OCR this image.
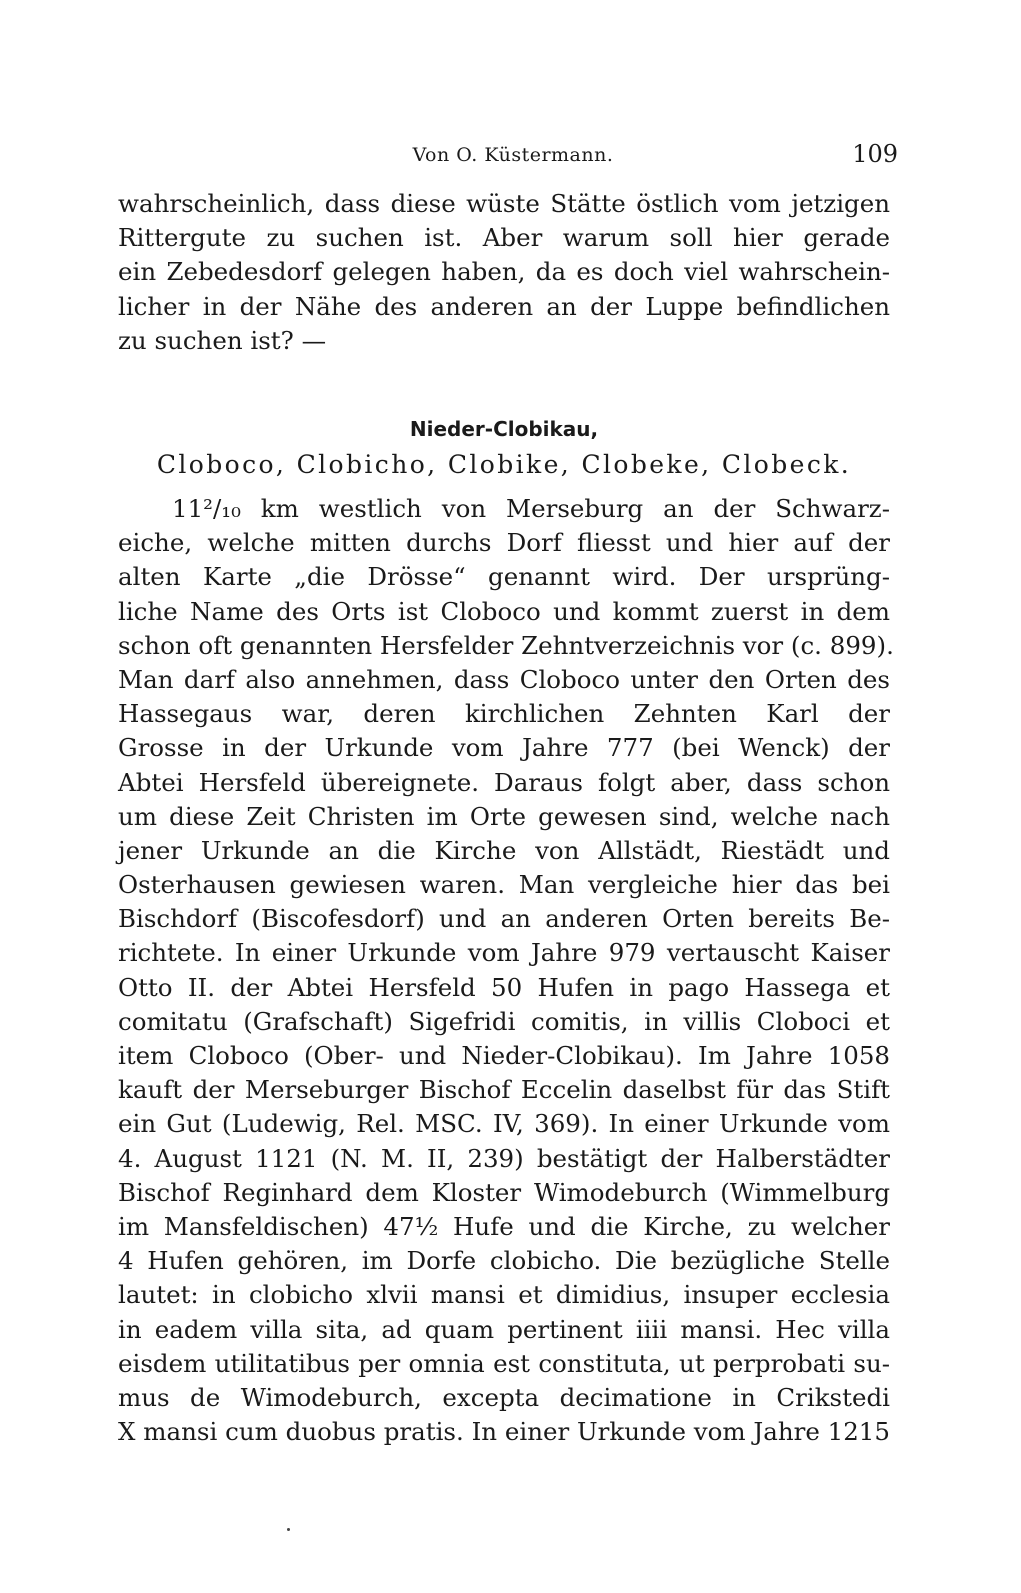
Von O. Küstermann.	109
wahrscheinlich, dass diese wüste Stätte östlich vom jetzigen
Rittergute zu suchen ist. Aber warum soll hier gerade
ein Zebedesdorf gelegen haben, da es doch viel wahrschein-
licher in der Nähe des anderen an der Luppe befindlichen
zu suchen ist? —
Nieder-Clobikau,
Cloboco, Clobicho, Clobike, Clobeke, Clobeck.
11²/₁₀ km westlich von Merseburg an der Schwarz-
eiche, welche mitten durchs Dorf fliesst und hier auf der
alten Karte „die Drösse“ genannt wird. Der ursprüng-
liche Name des Orts ist Cloboco und kommt zuerst in dem
schon oft genannten Hersfelder Zehntverzeichnis vor (c. 899).
Man darf also annehmen, dass Cloboco unter den Orten des
Hassegaus war, deren kirchlichen Zehnten Karl der
Grosse in der Urkunde vom Jahre 777 (bei Wenck) der
Abtei Hersfeld übereignete. Daraus folgt aber, dass schon
um diese Zeit Christen im Orte gewesen sind, welche nach
jener Urkunde an die Kirche von Allstädt, Riestädt und
Osterhausen gewiesen waren. Man vergleiche hier das bei
Bischdorf (Biscofesdorf) und an anderen Orten bereits Be-
richtete. In einer Urkunde vom Jahre 979 vertauscht Kaiser
Otto II. der Abtei Hersfeld 50 Hufen in pago Hassega et
comitatu (Grafschaft) Sigefridi comitis, in villis Cloboci et
item Cloboco (Ober- und Nieder-Clobikau). Im Jahre 1058
kauft der Merseburger Bischof Eccelin daselbst für das Stift
ein Gut (Ludewig, Rel. MSC. IV, 369). In einer Urkunde vom
4. August 1121 (N. M. II, 239) bestätigt der Halberstädter
Bischof Reginhard dem Kloster Wimodeburch (Wimmelburg
im Mansfeldischen) 47½ Hufe und die Kirche, zu welcher
4 Hufen gehören, im Dorfe clobicho. Die bezügliche Stelle
lautet: in clobicho xlvii mansi et dimidius, insuper ecclesia
in eadem villa sita, ad quam pertinent iiii mansi. Hec villa
eisdem utilitatibus per omnia est constituta, ut perprobati su-
mus de Wimodeburch, excepta decimatione in Crikstedi
X mansi cum duobus pratis. In einer Urkunde vom Jahre 1215
